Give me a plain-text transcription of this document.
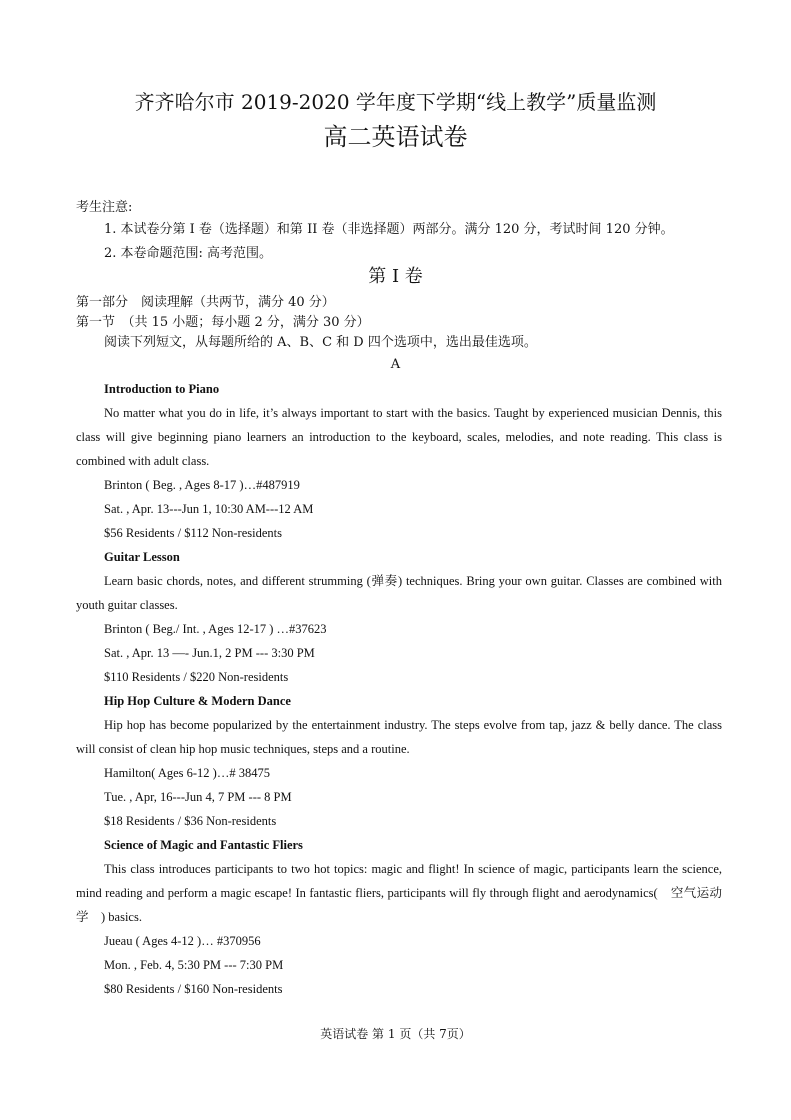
齐齐哈尔市 2019-2020 学年度下学期“线上教学”质量监测
高二英语试卷
考生注意:
1. 本试卷分第 I 卷（选择题）和第 II 卷（非选择题）两部分。满分 120 分，考试时间 120 分钟。
2. 本卷命题范围: 高考范围。
第 I 卷
第一部分　阅读理解（共两节，满分 40 分）
第一节　（共 15 小题；每小题 2 分，满分 30 分）
阅读下列短文，从每题所给的 A、B、C 和 D 四个选项中，选出最佳选项。
A

Introduction to Piano

No matter what you do in life, it’s always important to start with the basics. Taught by experienced musician Dennis, this class will give beginning piano learners an introduction to the keyboard, scales, melodies, and note reading. This class is combined with adult class.

Brinton ( Beg. , Ages 8-17 )…#487919

Sat. , Apr. 13---Jun 1, 10:30 AM---12 AM

$56 Residents / $112 Non-residents

Guitar Lesson

Learn basic chords, notes, and different strumming (弹奏) techniques. Bring your own guitar. Classes are combined with youth guitar classes.

Brinton ( Beg./ Int. , Ages 12-17 ) …#37623

Sat. , Apr. 13 —- Jun.1, 2 PM --- 3:30 PM

$110 Residents / $220 Non-residents

Hip Hop Culture & Modern Dance

Hip hop has become popularized by the entertainment industry. The steps evolve from tap, jazz & belly dance. The class will consist of clean hip hop music techniques, steps and a routine.

Hamilton( Ages 6-12 )…# 38475

Tue. , Apr, 16---Jun 4, 7 PM --- 8 PM

$18 Residents / $36 Non-residents

Science of Magic and Fantastic Fliers

This class introduces participants to two hot topics: magic and flight! In science of magic, participants learn the science, mind reading and perform a magic escape! In fantastic fliers, participants will fly through flight and aerodynamics(　空气运动学　) basics.

Jueau ( Ages 4-12 )… #370956

Mon. , Feb. 4, 5:30 PM --- 7:30 PM

$80 Residents / $160 Non-residents

英语试卷 第 1 页（共 7页）
